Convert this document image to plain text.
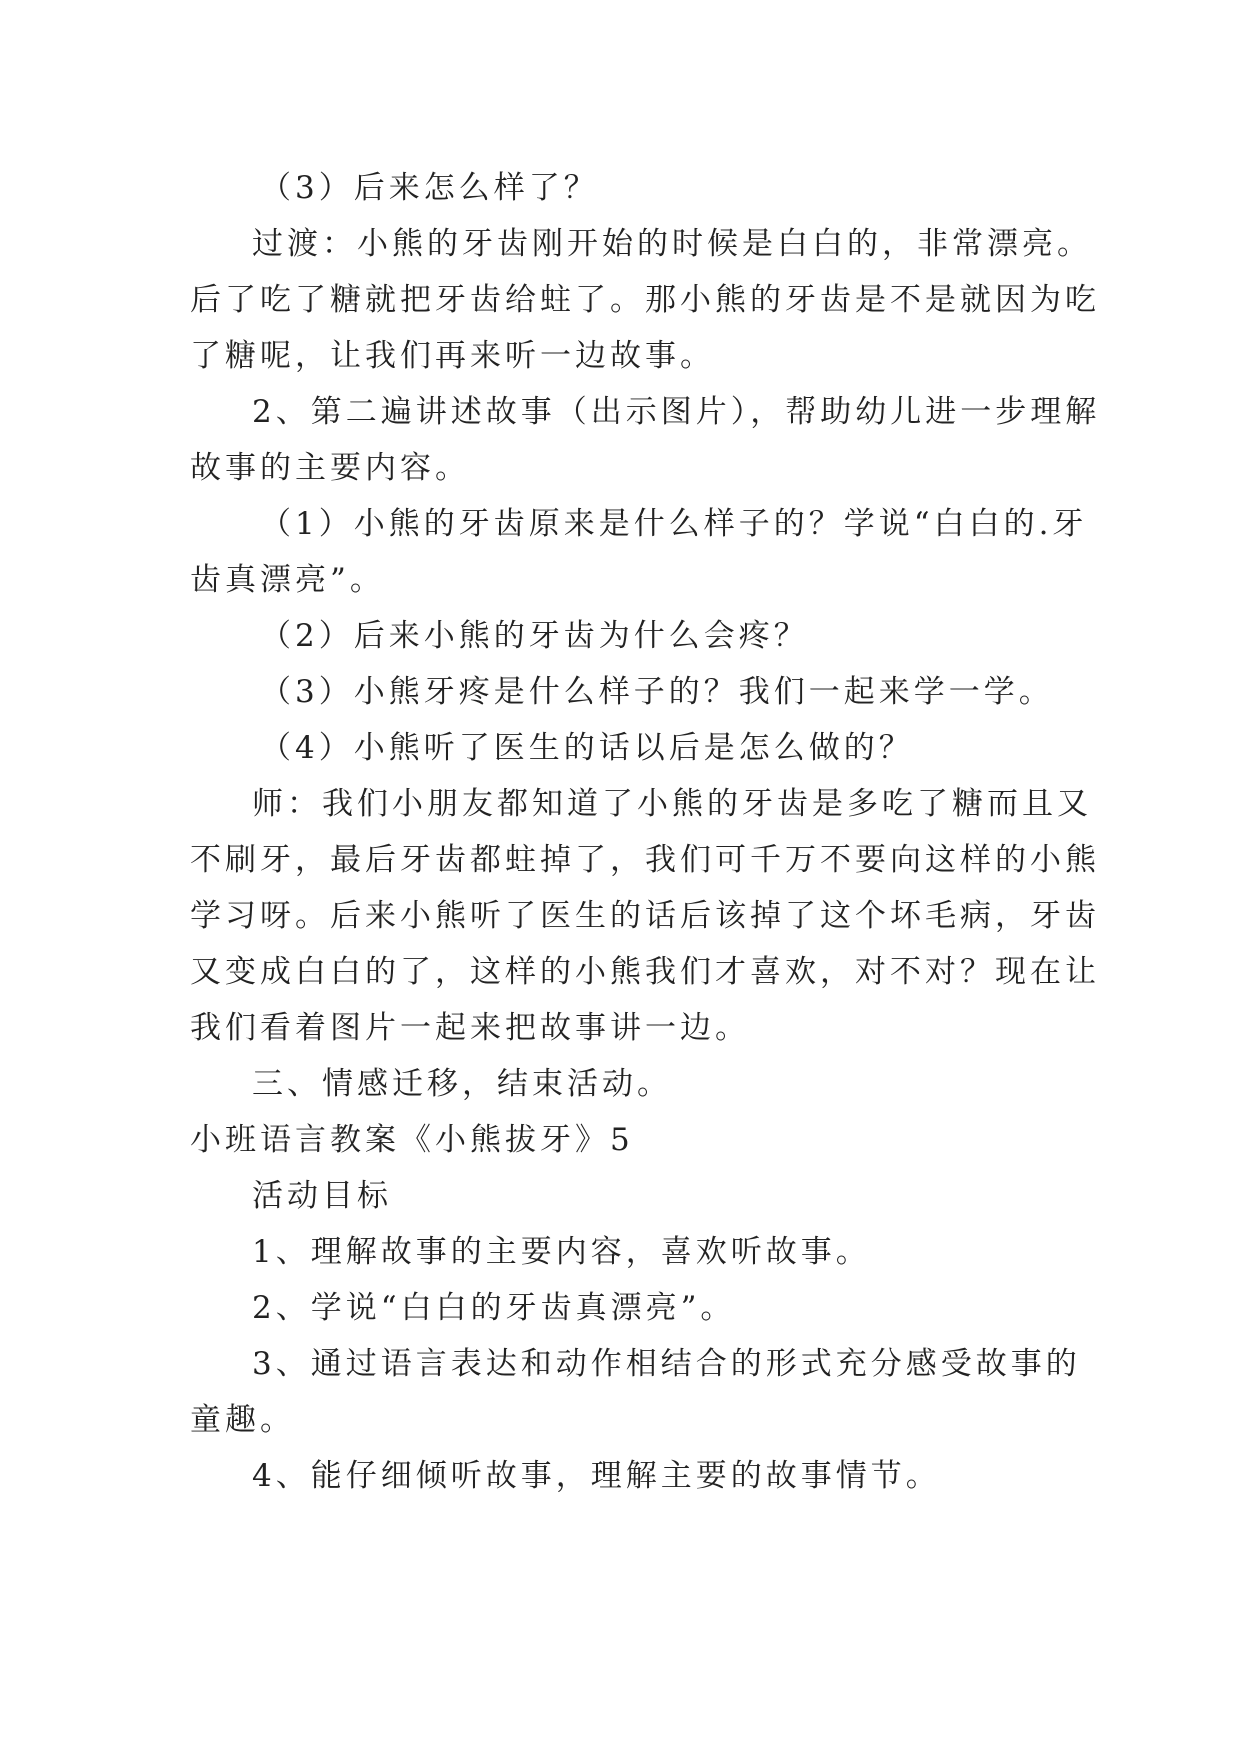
（3）后来怎么样了？
过渡：小熊的牙齿刚开始的时候是白白的，非常漂亮。
后了吃了糖就把牙齿给蛀了。那小熊的牙齿是不是就因为吃
了糖呢，让我们再来听一边故事。
2、第二遍讲述故事（出示图片），帮助幼儿进一步理解
故事的主要内容。
（1）小熊的牙齿原来是什么样子的？学说“白白的.牙
齿真漂亮”。
（2）后来小熊的牙齿为什么会疼？
（3）小熊牙疼是什么样子的？我们一起来学一学。
（4）小熊听了医生的话以后是怎么做的？
师：我们小朋友都知道了小熊的牙齿是多吃了糖而且又
不刷牙，最后牙齿都蛀掉了，我们可千万不要向这样的小熊
学习呀。后来小熊听了医生的话后该掉了这个坏毛病，牙齿
又变成白白的了，这样的小熊我们才喜欢，对不对？现在让
我们看着图片一起来把故事讲一边。
三、情感迁移，结束活动。
小班语言教案《小熊拔牙》5
活动目标
1、理解故事的主要内容，喜欢听故事。
2、学说“白白的牙齿真漂亮”。
3、通过语言表达和动作相结合的形式充分感受故事的
童趣。
4、能仔细倾听故事，理解主要的故事情节。
